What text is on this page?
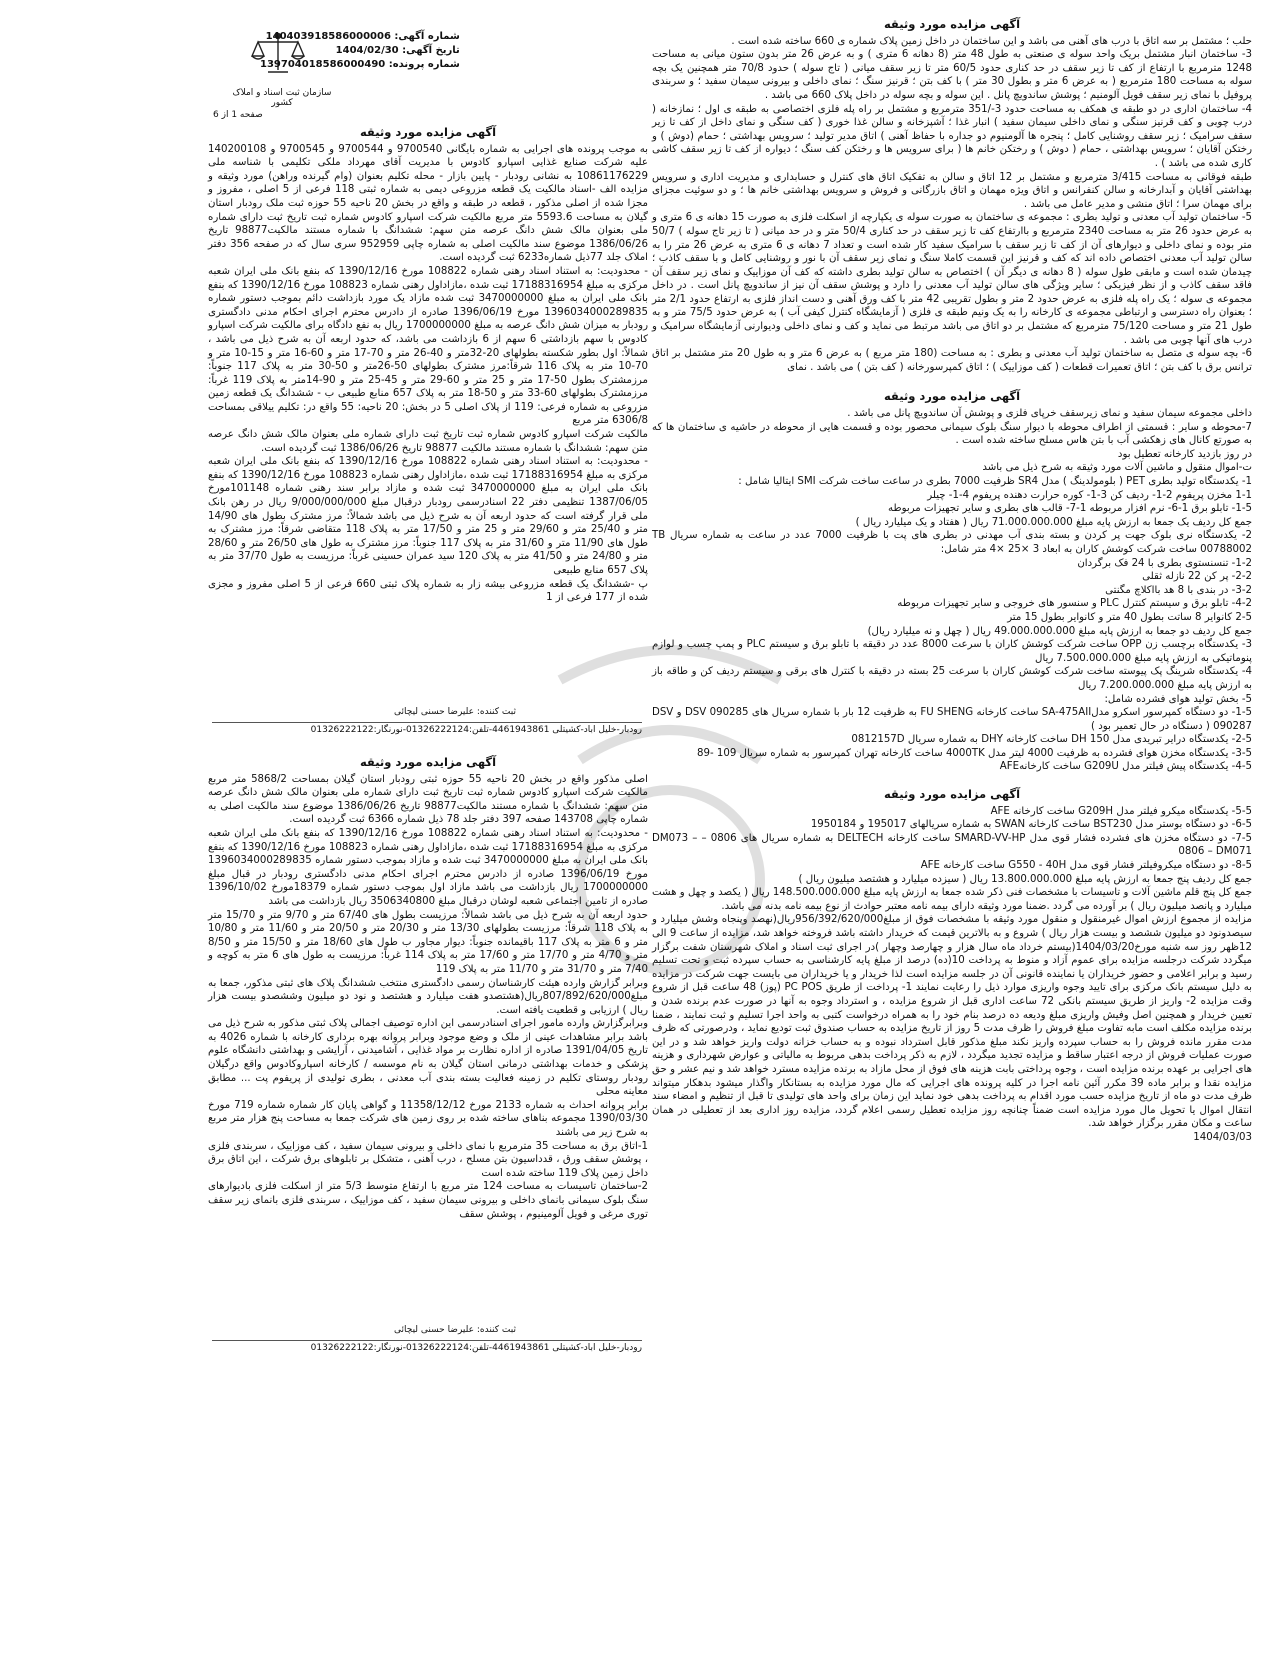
سازمان ثبت اسناد و املاک کشور
صفحه 1 از 6
شماره آگهی: 140403918586000006
تاریخ آگهی: 1404/02/30
شماره پرونده: 139704018586000490
آگهی مزایده مورد وثیقه

به موجب پرونده های اجرایی به شماره بایگانی 9700540 و 9700544 و 9700545 و 140200108 علیه شرکت صنایع غذایی اسپارو کادوس با مدیریت آقای مهرداد ملکی تکلیمی با شناسه ملی 10861176229 به نشانی رودبار - پایین بازار - محله تکلیم بعنوان (وام گیرنده وراهن) مورد وثیقه و مزایده الف -اسناد مالکیت یک قطعه مزروعی دیمی به شماره ثبتی 118 فرعی از 5 اصلی ، مفروز و مجزا شده از اصلی مذکور ، قطعه در طبقه و واقع در بخش 20 ناحیه 55 حوزه ثبت ملک رودبار استان گیلان به مساحت 5593.6 متر مربع مالکیت شرکت اسپارو کادوس شماره ثبت تاریخ ثبت دارای شماره ملی بعنوان مالک شش دانگ عرصه متن سهم: ششدانگ با شماره مستند مالکیت98877 تاریخ 1386/06/26 موضوع سند مالکیت اصلی به شماره چاپی 952959 سری سال که در صفحه 356 دفتر املاک جلد 77ذیل شماره6233 ثبت گردیده است.

- محدودیت: به استناد اسناد رهنی شماره 108822 مورخ 1390/12/16 که بنفع بانک ملی ایران شعبه مرکزی به مبلغ 17188316954 ثبت شده ،مازاداول رهنی شماره 108823 مورخ 1390/12/16 که بنفع بانک ملی ایران به مبلغ 3470000000 ثبت شده مازاد یک مورد بازداشت دائم بموجب دستور شماره 1396034000289835 مورخ 1396/06/19 صادره از دادرس محترم اجرای احکام مدنی دادگستری رودبار به میزان شش دانگ عرصه به مبلغ 1700000000 ریال به نفع دادگاه برای مالکیت شرکت اسپارو کادوس با سهم بازداشتی 6 سهم از 6 بازداشت می باشد، که حدود اربعه آن به شرح ذیل می باشد ، شمالاً: اول بطور شکسته بطولهای 20-32متر و 40-26 متر و 70-17 متر و 60-16 متر و 15-10 متر و 70-10 متر به پلاک 116 شرقاً:مرز مشترک بطولهای 50-26متر و 50-30 متر به پلاک 117 جنوباً: مرزمشترک بطول 50-17 متر و 25 متر و 60-29 متر و 45-25 متر و 90-14متر به پلاک 119 غرباً: مرزمشترک بطولهای 60-33 متر و 50-18 متر به پلاک 657 منابع طبیعی ب - ششدانگ یک قطعه زمین مزروعی به شماره فرعی: 119 از پلاک اصلی 5 در بخش: 20 ناحیه: 55 واقع در: تکلیم ییلاقی بمساحت 6306/8 متر مربع

مالکیت شرکت اسپارو کادوس شماره ثبت تاریخ ثبت دارای شماره ملی بعنوان مالک شش دانگ عرصه متن سهم: ششدانگ با شماره مستند مالکیت 98877 تاریخ 1386/06/26 ثبت گردیده است.

- محدودیت: به استناد اسناد رهنی شماره 108822 مورخ 1390/12/16 که بنفع بانک ملی ایران شعبه مرکزی به مبلغ 17188316954 ثبت شده ،مازاداول رهنی شماره 108823 مورخ 1390/12/16 که بنفع بانک ملی ایران به مبلغ 3470000000 ثبت شده و مازاد برابر سند رهنی شماره 101148مورخ 1387/06/05 تنظیمی دفتر 22 اسنادرسمی رودبار درقبال مبلغ 9/000/000/000 ریال در رهن بانک ملی قرار گرفته است که حدود اربعه آن به شرح ذیل می باشد شمالاً: مرز مشترک بطول های 14/90 متر و 25/40 متر و 29/60 متر و 25 متر و 17/50 متر به پلاک 118 متقاضی شرقاً: مرز مشترک به طول های 11/90 متر و 31/60 متر به پلاک 117 جنوباً: مرز مشترک به طول های 26/50 متر و 28/60 متر و 24/80 متر و 41/50 متر به پلاک 120 سید عمران حسینی غرباً: مرزیست به طول 37/70 متر به پلاک 657 منابع طبیعی

پ -ششدانگ یک قطعه مزروعی بیشه زار به شماره پلاک ثبتی 660 فرعی از 5 اصلی مفروز و مجزی شده از 177 فرعی از 1

ثبت کننده: علیرضا حسنی لیچائی
رودبار-خلیل اباد-کشیتلی 4461943861-تلفن:01326222124-نورنگار:01326222122
آگهی مزایده مورد وثیقه

اصلی مذکور واقع در بخش 20 ناحیه 55 حوزه ثبتی رودبار استان گیلان بمساحت 5868/2 متر مربع مالکیت شرکت اسپارو کادوس شماره ثبت تاریخ ثبت دارای شماره ملی بعنوان مالک شش دانگ عرصه متن سهم: ششدانگ با شماره مستند مالکیت98877 تاریخ 1386/06/26 موضوع سند مالکیت اصلی به شماره چاپی 143708 صفحه 397 دفتر جلد 78 ذیل شماره 6366 ثبت گردیده است.

- محدودیت: به استناد اسناد رهنی شماره 108822 مورخ 1390/12/16 که بنفع بانک ملی ایران شعبه مرکزی به مبلغ 17188316954 ثبت شده ،مازاداول رهنی شماره 108823 مورخ 1390/12/16 که بنفع بانک ملی ایران به مبلغ 3470000000 ثبت شده و مازاد بموجب دستور شماره 1396034000289835 مورخ 1396/06/19 صادره از دادرس محترم اجرای احکام مدنی دادگستری رودبار در قبال مبلغ 1700000000 ریال بازداشت می باشد مازاد اول بموجب دستور شماره 18379مورخ 1396/10/02 صادره از تامین اجتماعی شعبه لوشان درقبال مبلغ 3506340800 ریال بازداشت می باشد

حدود اربعه آن به شرح ذیل می باشد شمالاً: مرزیست بطول های 67/40 متر و 9/70 متر و 15/70 متر به پلاک 118 شرقاً: مرزیست بطولهای 13/30 متر و 20/30 متر و 20/50 متر و 11/60 متر و 10/80 متر و 6 متر به پلاک 117 باقیمانده جنوباً: دیوار مجاور ب طول های 18/60 متر و 15/50 متر و 8/50 متر و 4/70 متر و 17/70 متر و 17/60 متر به پلاک 114 غرباً: مرزیست به طول های 6 متر به کوچه و 7/40 متر و 31/70 متر و 11/70 متر به پلاک 119

وبرابر گزارش وارده هیئت کارشناسان رسمی دادگستری منتخب ششدانگ پلاک های ثبتی مذکور، جمعا به مبلغ807/892/620/000ریال(هشتصدو هفت میلیارد و هشتصد و نود دو میلیون وششصدو بیست هزار ریال ) ارزیابی و قطعیت یافته است.

وبرابرگزارش وارده مامور اجرای اسنادرسمی این اداره توصیف اجمالی پلاک ثبتی مذکور به شرح ذیل می باشد برابر مشاهدات عینی از ملک و وضع موجود وبرابر پروانه بهره برداری کارخانه با شماره 4026 به تاریخ 1391/04/05 صادره از اداره نظارت بر مواد غذایی ، آشامیدنی ، آرایشی و بهداشتی دانشگاه علوم پزشکی و خدمات بهداشتی درمانی استان گیلان به نام موسسه / کارخانه اسپاروکادوس واقع درگیلان رودبار روستای تکلیم در زمینه فعالیت بسته بندی آب معدنی ، بطری تولیدی از پریفوم پت ... مطابق معاینه محلی

برابر پروانه احداث به شماره 2133 مورخ 11358/12/12 و گواهی پایان کار شماره شماره 719 مورخ 1390/03/30 مجموعه بناهای ساخته شده بر روی زمین های شرکت جمعا به مساحت پنج هزار متر مربع به شرح زیر می باشند

1-اتاق برق به مساحت 35 مترمربع با نمای داخلی و بیرونی سیمان سفید ، کف موزاییک ، سربندی فلزی ، پوشش سقف ورق ، قدداسیون بتن مسلح ، درب آهنی ، متشکل بر تابلوهای برق شرکت ، این اتاق برق داخل زمین پلاک 119 ساخته شده است

2-ساختمان تاسیسات به مساحت 124 متر مربع با ارتفاع متوسط 5/3 متر از اسکلت فلزی بادیوارهای سنگ بلوک سیمانی بانمای داخلی و بیرونی سیمان سفید ، کف موزاییک ، سربندی فلزی بانمای زیر سقف توری مرغی و فویل آلومینیوم ، پوشش سقف

ثبت کننده: علیرضا حسنی لیچائی
رودبار-خلیل اباد-کشیتلی 4461943861-تلفن:01326222124-نورنگار:01326222122
آگهی مزایده مورد وثیقه

حلب ؛ مشتمل بر سه اتاق با درب های آهنی می باشد و این ساختمان در داخل زمین پلاک شماره ی 660 ساخته شده است .

3- ساختمان انبار مشتمل بریک واحد سوله ی صنعتی به طول 48 متر (8 دهانه 6 متری ) و به عرض 26 متر بدون ستون میانی به مساحت 1248 مترمربع با ارتفاع از کف تا زیر سقف در حد کناری حدود 60/5 متر تا زیر سقف میانی ( تاج سوله ) حدود 70/8 متر همچنین یک بچه سوله به مساحت 180 مترمربع ( به عرض 6 متر و بطول 30 متر ) با کف بتن ؛ قرنیز سنگ ؛ نمای داخلی و بیرونی سیمان سفید ؛ و سربندی پروفیل با نمای زیر سقف فویل آلومنیم ؛ پوشش ساندویچ پانل . این سوله و بچه سوله در داخل پلاک 660 می باشد .

4- ساختمان اداری در دو طبقه ی همکف به مساحت حدود 3-/351 مترمربع و مشتمل بر راه پله فلزی اختصاصی به طبقه ی اول ؛ نمازخانه ( درب چوبی و کف قرنیز سنگی و نمای داخلی سیمان سفید ) انبار غذا ؛ آشپزخانه و سالن غذا خوری ( کف سنگی و نمای داخل از کف تا زیر سقف سرامیک ؛ زیر سقف روشنایی کامل ؛ پنجره ها آلومنیوم دو جداره با حفاظ آهنی ) اتاق مدیر تولید ؛ سرویس بهداشتی ؛ حمام (دوش ) و رختکن آقایان ؛ سرویس بهداشتی ، حمام ( دوش ) و رختکن خانم ها ( برای سرویس ها و رختکن کف سنگ ؛ دیواره از کف تا زیر سقف کاشی کاری شده می باشد ) .

طبقه فوقانی به مساحت 3/415 مترمربع و مشتمل بر 12 اتاق و سالن به تفکیک اتاق های کنترل و حسابداری و مدیریت اداری و سرویس بهداشتی آقایان و آبدارخانه و سالن کنفرانس و اتاق ویژه مهمان و اتاق بازرگانی و فروش و سرویس بهداشتی خانم ها ؛ و دو سوئیت مجزای برای مهمان سرا ؛ اتاق منشی و مدیر عامل می باشد .

5- ساختمان تولید آب معدنی و تولید بطری : مجموعه ی ساختمان به صورت سوله ی یکپارچه از اسکلت فلزی به صورت 15 دهانه ی 6 متری و به عرض حدود 26 متر به مساحت 2340 مترمربع و باارتفاع کف تا زیر سقف در حد کناری 50/4 متر و در حد میانی ( تا زیر تاج سوله ) 50/7 متر بوده و نمای داخلی و دیوارهای آن از کف تا زیر سقف با سرامیک سفید کار شده است و تعداد 7 دهانه ی 6 متری به عرض 26 متر را به سالن تولید آب معدنی اختصاص داده اند که کف و قرنیز این قسمت کاملا سنگ و نمای زیر سقف آن با نور و روشنایی کامل و با سقف کاذب ؛ چیدمان شده است و مابقی طول سوله ( 8 دهانه ی دیگر آن ) اختصاص به سالن تولید بطری داشته که کف آن موزاییک و نمای زیر سقف آن فاقد سقف کاذب و از نظر فیزیکی ؛ سایر ویژگی های سالن تولید آب معدنی را دارد و پوشش سقف آن نیز از ساندویچ پانل است . در داخل مجموعه ی سوله ؛ یک راه پله فلزی به عرض حدود 2 متر و بطول تقریبی 42 متر با کف ورق آهنی و دست انداز فلزی به ارتفاع حدود 2/1 متر ؛ بعنوان راه دسترسی و ارتباطی مجموعه ی کارخانه را به یک ونیم طبقه ی فلزی ( آزمایشگاه کنترل کیفی آب ) به عرض حدود 75/5 متر و به طول 21 متر و مساحت 75/120 مترمربع که مشتمل بر دو اتاق می باشد مرتبط می نماید و کف و نمای داخلی ودیوارنی آزمایشگاه سرامیک و درب های آنها چوبی می باشد .

6- بچه سوله ی متصل به ساختمان تولید آب معدنی و بطری : به مساحت (180 متر مربع ) به عرض 6 متر و به طول 20 متر مشتمل بر اتاق ترانس برق با کف بتن ؛ اتاق تعمیرات قطعات ( کف موزاییک ) ؛ اتاق کمپرسورخانه ( کف بتن ) می باشد . نمای

آگهی مزایده مورد وثیقه

داخلی مجموعه سیمان سفید و نمای زیرسقف خرپای فلزی و پوشش آن ساندویچ پانل می باشد .

7-محوطه و سایر : قسمتی از اطراف محوطه با دیوار سنگ بلوک سیمانی محصور بوده و قسمت هایی از محوطه در حاشیه ی ساختمان ها که به صورتع کانال های زهکشی آب با بتن هاس مسلح ساخته شده است .

در روز بازدید کارخانه تعطیل بود

ت-اموال منقول و ماشین آلات مورد وثیقه به شرح ذیل می باشد

1- یکدستگاه تولید بطری PET ( بلومولدینگ ) مدل SR4 ظرفیت 7000 بطری در ساعت ساخت شرکت SMI ایتالیا شامل :

1-1 مخزن پریفوم 2-1- ردیف کن 3-1- کوره حرارت دهنده پریفوم 4-1- چیلر

1-5- تابلو برق 1-6- نرم افزار مربوطه 1-7- قالب های بطری و سایر تجهیزات مربوطه

جمع کل ردیف یک جمعا به ارزش پایه مبلغ 71.000.000.000 ریال ( هفتاد و یک میلیارد ریال )

2- یکدستگاه نری بلوک جهت پر کردن و بسته بندی آب مهدنی در بطری های پت با ظرفیت 7000 عدد در ساعت به شماره سریال TB 00788002 ساخت شرکت کوشش کاران به ابعاد 3 ×25 ×4 متر شامل:

1-2- تنسنستوی بطری با 24 فک برگردان

2-2- پر کن 22 نازله ثقلی

3-2- در بندی با 8 هد بااکلاچ مگنتی

4-2- تابلو برق و سیستم کنترل PLC و سنسور های خروجی و سایر تجهیزات مربوطه

2-5 کانوایر 8 ساتت بطول 40 متر و کانوایر بطول 15 متر

جمع کل ردیف دو جمعا به ارزش پایه مبلغ 49.000.000.000 ریال ( چهل و نه میلیارد ریال)

3- یکدستگاه برچسب زن OPP ساخت شرکت کوشش کاران با سرعت 8000 عدد در دقیقه با تابلو برق و سیستم PLC و پمپ چسب و لوازم پنوماتیکی به ارزش پایه مبلغ 7.500.000.000 ریال

4- یکدستگاه شرینگ پک پیوسته ساخت شرکت کوشش کاران با سرعت 25 بسته در دقیقه با کنترل های برقی و سیستم ردیف کن و طاقه باز به ارزش پایه مبلغ 7.200.000.000 ریال

5- بخش تولید هوای فشرده شامل:

1-5- دو دستگاه کمپرسور اسکرو مدلSA-475AII ساخت کارخانه FU SHENG به ظرفیت 12 بار با شماره سریال های DSV 090285 و DSV 090287 ( دستگاه در حال تعمیر بود )

2-5- یکدستگاه درایر تبریدی مدل DH 150 ساخت کارخانه DHY به شماره سریال 0812157D

3-5- یکدستگاه مخزن هوای فشرده به ظرفیت 4000 لیتر مدل 4000TK ساخت کارخانه تهران کمپرسور به شماره سریال 109 -89

4-5- یکدستگاه پیش فیلتر مدل G209U ساخت کارخانهAFE

آگهی مزایده مورد وثیقه

5-5- یکدستگاه میکرو فیلتر مدل G209H ساخت کارخانه AFE

6-5- دو دستگاه بوستر مدل BST230 ساخت کارخانه SWAN به شماره سریالهای 195017 و 1950184

7-5- دو دستگاه مخزن های فشرده فشار قوی مدل SMARD-VV-HP ساخت کارخانه DELTECH به شماره سریال های 0806 – DM073 – 0806 – DM071

8-5- دو دستگاه میکروفیلتر فشار قوی مدل G550 - 40H ساخت کارخانه AFE

جمع کل ردیف پنج جمعا به ارزش پایه مبلغ 13.800.000.000 ریال ( سیزده میلیارد و هشتصد میلیون ریال )

جمع کل پنج قلم ماشین آلات و تاسیسات با مشخصات فنی ذکر شده جمعا به ارزش پایه مبلغ 148.500.000.000 ریال ( یکصد و چهل و هشت میلیارد و پانصد میلیون ریال ) بر آورده می گردد .ضمنا مورد وثیقه دارای بیمه نامه معتبر حوادث از نوع بیمه نامه بدنه می باشد.

مزایده از مجموع ارزش اموال غیرمنقول و منقول مورد وثیقه با مشخصات فوق از مبلغ956/392/620/000ریال(نهصد وپنجاه وشش میلیارد و سیصدونود دو میلیون ششصد و بیست هزار ریال ) شروع و به بالاترین قیمت که خریدار داشته باشد فروخته خواهد شد، مزایده از ساعت 9 الی 12ظهر روز سه شنبه مورخ1404/03/20(بیستم خرداد ماه سال هزار و چهارصد وچهار )در اجرای ثبت اسناد و املاک شهرستان شفت برگزار میگردد شرکت درجلسه مزایده برای عموم آزاد و منوط به پرداخت 10(ده) درصد از مبلغ پایه کارشناسی به حساب سپرده ثبت و تحت تسلیم رسید و برابر اعلامی و حضور خریداران یا نماینده قانونی آن در جلسه مزایده است لذا خریدار و یا خریداران می بایست جهت شرکت در مزایده به دلیل سیستم بانک مرکزی برای تایید وجوه واریزی موارد ذیل را رعایت نمایند 1- پرداخت از طریق PC POS (پوز) 48 ساعت قبل از شروع وقت مزایده 2- واریز از طریق سیستم بانکی 72 ساعت اداری قبل از شروع مزایده ، و استرداد وجوه به آنها در صورت عدم برنده شدن و تعیین خریدار و همچنین اصل وفیش واریزی مبلغ ودیعه ده درصد بنام خود را به همراه درخواست کتبی به واحد اجرا تسلیم و ثبت نمایند ، ضمنا برنده مزایده مکلف است مابه تفاوت مبلغ فروش را ظرف مدت 5 روز از تاریخ مزایده به حساب صندوق ثبت تودیع نماید ، ودرصورتی که ظرف مدت مقرر مانده فروش را به حساب سپرده واریز نکند مبلغ مذکور قابل استرداد نبوده و به حساب خزانه دولت واریز خواهد شد و در این صورت عملیات فروش از درجه اعتبار ساقط و مزایده تجدید میگردد ، لازم به ذکر پرداخت بدهی مربوط به مالیاتی و عوارض شهرداری و هزینه های اجرایی بر عهده برنده مزایده است ، وجوه پرداختی بابت هزینه های فوق از محل مازاد به برنده مزایده مسترد خواهد شد و نیم عشر و حق مزایده نقدا و برابر ماده 39 مکرر آئین نامه اجرا در کلیه پرونده های اجرایی که مال مورد مزایده به بستانکار واگذار میشود بدهکار میتواند ظرف مدت دو ماه از تاریخ مزایده حسب مورد اقدام به پرداخت بدهی خود نماید این زمان برای واحد های تولیدی تا قبل از تنظیم و امضاء سند انتقال اموال یا تحویل مال مورد مزایده است ضمناً چنانچه روز مزایده تعطیل رسمی اعلام گردد، مزایده روز اداری بعد از تعطیلی در همان ساعت و مکان مقرر برگزار خواهد شد.

1404/03/03
